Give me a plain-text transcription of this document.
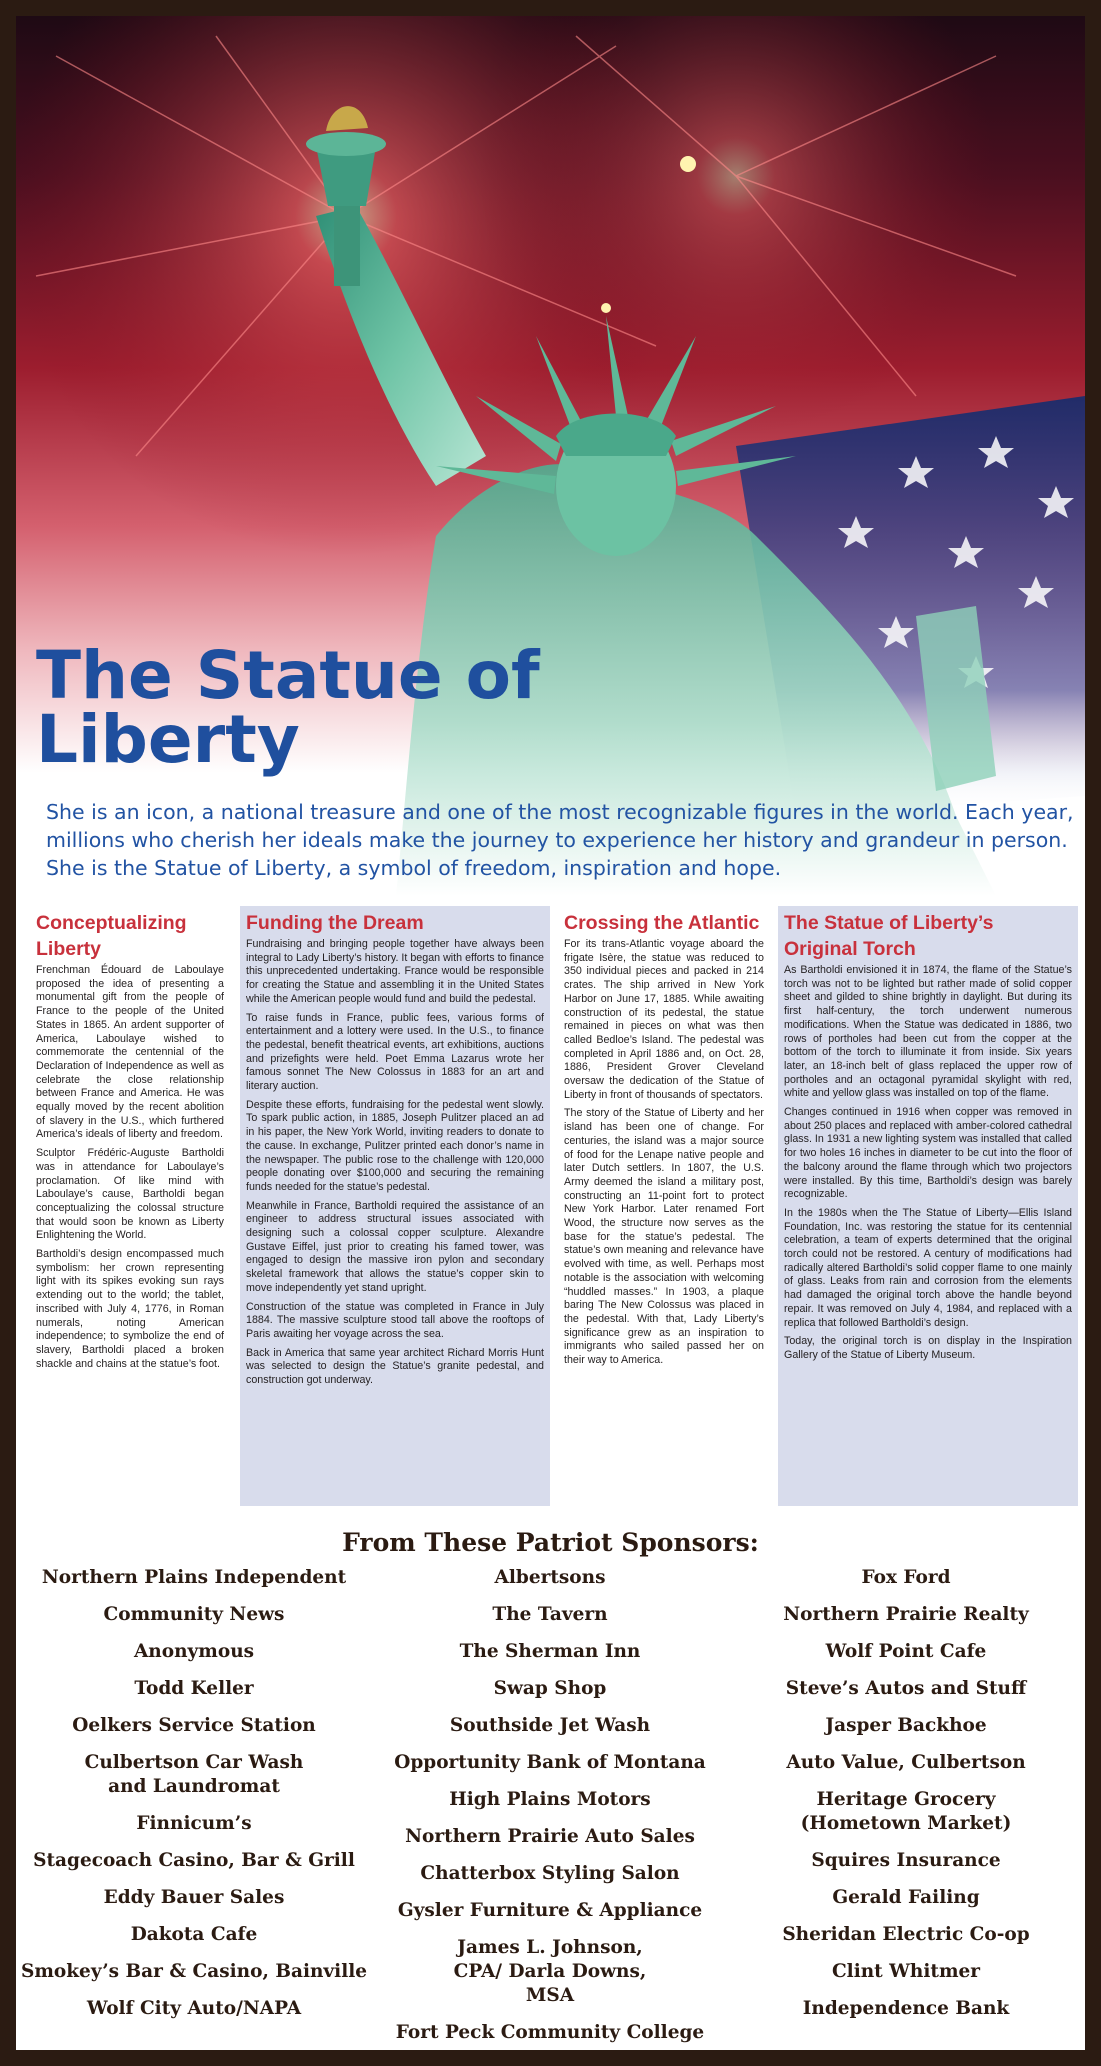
The Statue of Liberty
She is an icon, a national treasure and one of the most recognizable figures in the world. Each year, millions who cherish her ideals make the journey to experience her history and grandeur in person. She is the Statue of Liberty, a symbol of freedom, inspiration and hope.
Conceptualizing Liberty

Frenchman Édouard de Laboulaye proposed the idea of presenting a monumental gift from the people of France to the people of the United States in 1865. An ardent supporter of America, Laboulaye wished to commemorate the centennial of the Declaration of Independence as well as celebrate the close relationship between France and America. He was equally moved by the recent abolition of slavery in the U.S., which furthered America’s ideals of liberty and freedom.

Sculptor Frédéric-Auguste Bartholdi was in attendance for Laboulaye’s proclamation. Of like mind with Laboulaye’s cause, Bartholdi began conceptualizing the colossal structure that would soon be known as Liberty Enlightening the World.

Bartholdi’s design encompassed much symbolism: her crown representing light with its spikes evoking sun rays extending out to the world; the tablet, inscribed with July 4, 1776, in Roman numerals, noting American independence; to symbolize the end of slavery, Bartholdi placed a broken shackle and chains at the statue’s foot.

Funding the Dream

Fundraising and bringing people together have always been integral to Lady Liberty’s history. It began with efforts to finance this unprecedented undertaking. France would be responsible for creating the Statue and assembling it in the United States while the American people would fund and build the pedestal.

To raise funds in France, public fees, various forms of entertainment and a lottery were used. In the U.S., to finance the pedestal, benefit theatrical events, art exhibitions, auctions and prizefights were held. Poet Emma Lazarus wrote her famous sonnet The New Colossus in 1883 for an art and literary auction.

Despite these efforts, fundraising for the pedestal went slowly. To spark public action, in 1885, Joseph Pulitzer placed an ad in his paper, the New York World, inviting readers to donate to the cause. In exchange, Pulitzer printed each donor’s name in the newspaper. The public rose to the challenge with 120,000 people donating over $100,000 and securing the remaining funds needed for the statue’s pedestal.

Meanwhile in France, Bartholdi required the assistance of an engineer to address structural issues associated with designing such a colossal copper sculpture. Alexandre Gustave Eiffel, just prior to creating his famed tower, was engaged to design the massive iron pylon and secondary skeletal framework that allows the statue’s copper skin to move independently yet stand upright.

Construction of the statue was completed in France in July 1884. The massive sculpture stood tall above the rooftops of Paris awaiting her voyage across the sea.

Back in America that same year architect Richard Morris Hunt was selected to design the Statue’s granite pedestal, and construction got underway.

Crossing the Atlantic

For its trans-Atlantic voyage aboard the frigate Isère, the statue was reduced to 350 individual pieces and packed in 214 crates. The ship arrived in New York Harbor on June 17, 1885. While awaiting construction of its pedestal, the statue remained in pieces on what was then called Bedloe’s Island. The pedestal was completed in April 1886 and, on Oct. 28, 1886, President Grover Cleveland oversaw the dedication of the Statue of Liberty in front of thousands of spectators.

The story of the Statue of Liberty and her island has been one of change. For centuries, the island was a major source of food for the Lenape native people and later Dutch settlers. In 1807, the U.S. Army deemed the island a military post, constructing an 11-point fort to protect New York Harbor. Later renamed Fort Wood, the structure now serves as the base for the statue’s pedestal. The statue’s own meaning and relevance have evolved with time, as well. Perhaps most notable is the association with welcoming “huddled masses.” In 1903, a plaque baring The New Colossus was placed in the pedestal. With that, Lady Liberty’s significance grew as an inspiration to immigrants who sailed passed her on their way to America.

The Statue of Liberty’s Original Torch

As Bartholdi envisioned it in 1874, the flame of the Statue’s torch was not to be lighted but rather made of solid copper sheet and gilded to shine brightly in daylight. But during its first half-century, the torch underwent numerous modifications. When the Statue was dedicated in 1886, two rows of portholes had been cut from the copper at the bottom of the torch to illuminate it from inside. Six years later, an 18-inch belt of glass replaced the upper row of portholes and an octagonal pyramidal skylight with red, white and yellow glass was installed on top of the flame.

Changes continued in 1916 when copper was removed in about 250 places and replaced with amber-colored cathedral glass. In 1931 a new lighting system was installed that called for two holes 16 inches in diameter to be cut into the floor of the balcony around the flame through which two projectors were installed. By this time, Bartholdi’s design was barely recognizable.

In the 1980s when the The Statue of Liberty—Ellis Island Foundation, Inc. was restoring the statue for its centennial celebration, a team of experts determined that the original torch could not be restored. A century of modifications had radically altered Bartholdi’s solid copper flame to one mainly of glass. Leaks from rain and corrosion from the elements had damaged the original torch above the handle beyond repair. It was removed on July 4, 1984, and replaced with a replica that followed Bartholdi’s design.

Today, the original torch is on display in the Inspiration Gallery of the Statue of Liberty Museum.

From These Patriot Sponsors:
Northern Plains Independent
Community News
Anonymous
Todd Keller
Oelkers Service Station
Culbertson Car Wash and Laundromat
Finnicum’s
Stagecoach Casino, Bar & Grill
Eddy Bauer Sales
Dakota Cafe
Smokey’s Bar & Casino, Bainville
Wolf City Auto/NAPA
Albertsons
The Tavern
The Sherman Inn
Swap Shop
Southside Jet Wash
Opportunity Bank of Montana
High Plains Motors
Northern Prairie Auto Sales
Chatterbox Styling Salon
Gysler Furniture & Appliance
James L. Johnson, CPA/ Darla Downs, MSA
Fort Peck Community College
Fox Ford
Northern Prairie Realty
Wolf Point Cafe
Steve’s Autos and Stuff
Jasper Backhoe
Auto Value, Culbertson
Heritage Grocery (Hometown Market)
Squires Insurance
Gerald Failing
Sheridan Electric Co-op
Clint Whitmer
Independence Bank
